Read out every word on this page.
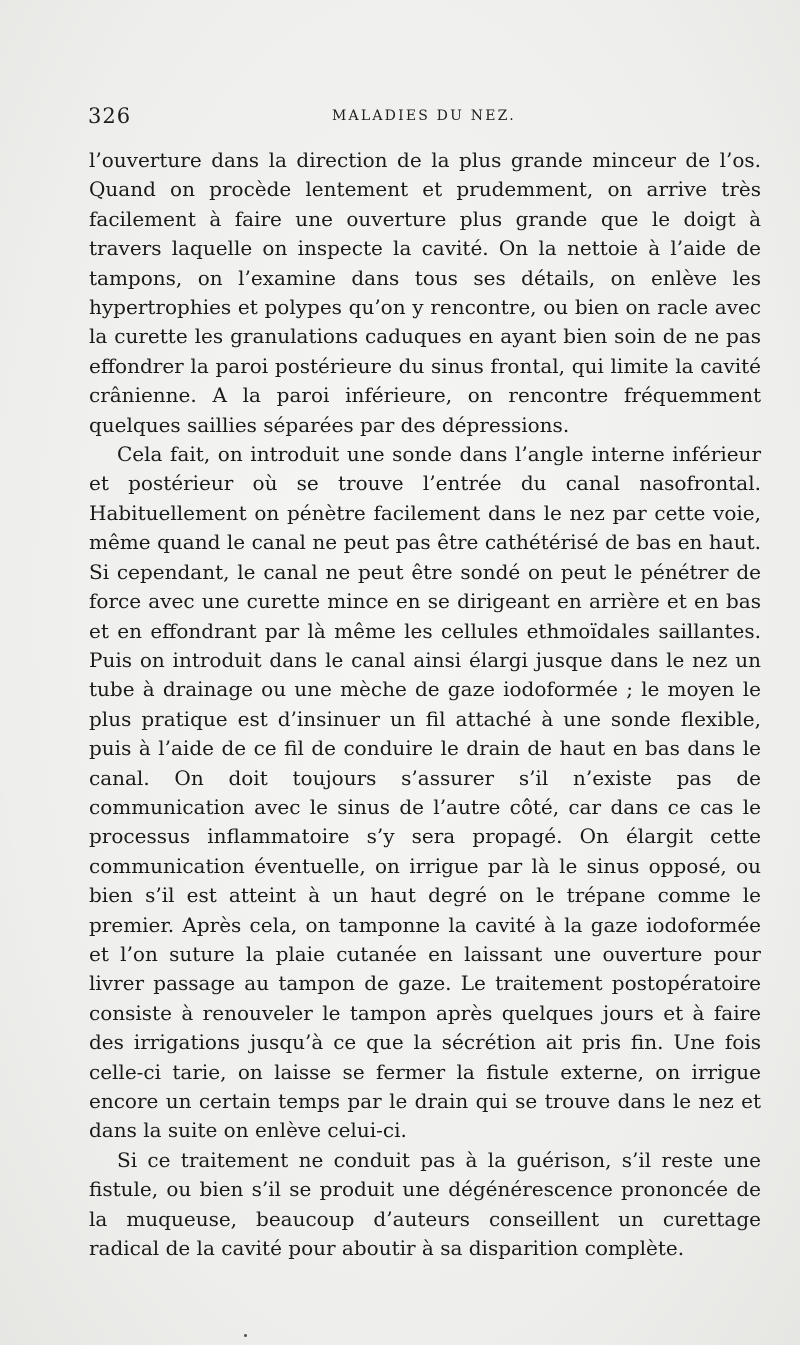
326	MALADIES DU NEZ.

l’ouverture dans la direction de la plus grande minceur de l’os. Quand on procède lentement et prudemment, on arrive très facilement à faire une ouverture plus grande que le doigt à travers laquelle on inspecte la cavité. On la nettoie à l’aide de tampons, on l’examine dans tous ses détails, on enlève les hypertrophies et polypes qu’on y rencontre, ou bien on racle avec la curette les granulations caduques en ayant bien soin de ne pas effondrer la paroi postérieure du sinus frontal, qui limite la cavité crânienne. A la paroi inférieure, on rencontre fréquemment quelques saillies séparées par des dépressions.

Cela fait, on introduit une sonde dans l’angle interne inférieur et postérieur où se trouve l’entrée du canal nasofrontal. Habituellement on pénètre facilement dans le nez par cette voie, même quand le canal ne peut pas être cathétérisé de bas en haut. Si cependant, le canal ne peut être sondé on peut le pénétrer de force avec une curette mince en se dirigeant en arrière et en bas et en effondrant par là même les cellules ethmoïdales saillantes. Puis on introduit dans le canal ainsi élargi jusque dans le nez un tube à drainage ou une mèche de gaze iodoformée ; le moyen le plus pratique est d’insinuer un fil attaché à une sonde flexible, puis à l’aide de ce fil de conduire le drain de haut en bas dans le canal. On doit toujours s’assurer s’il n’existe pas de communication avec le sinus de l’autre côté, car dans ce cas le processus inflammatoire s’y sera propagé. On élargit cette communication éventuelle, on irrigue par là le sinus opposé, ou bien s’il est atteint à un haut degré on le trépane comme le premier. Après cela, on tamponne la cavité à la gaze iodoformée et l’on suture la plaie cutanée en laissant une ouverture pour livrer passage au tampon de gaze. Le traitement postopératoire consiste à renouveler le tampon après quelques jours et à faire des irrigations jusqu’à ce que la sécrétion ait pris fin. Une fois celle-ci tarie, on laisse se fermer la fistule externe, on irrigue encore un certain temps par le drain qui se trouve dans le nez et dans la suite on enlève celui-ci.

Si ce traitement ne conduit pas à la guérison, s’il reste une fistule, ou bien s’il se produit une dégénérescence prononcée de la muqueuse, beaucoup d’auteurs conseillent un curettage radical de la cavité pour aboutir à sa disparition complète.
